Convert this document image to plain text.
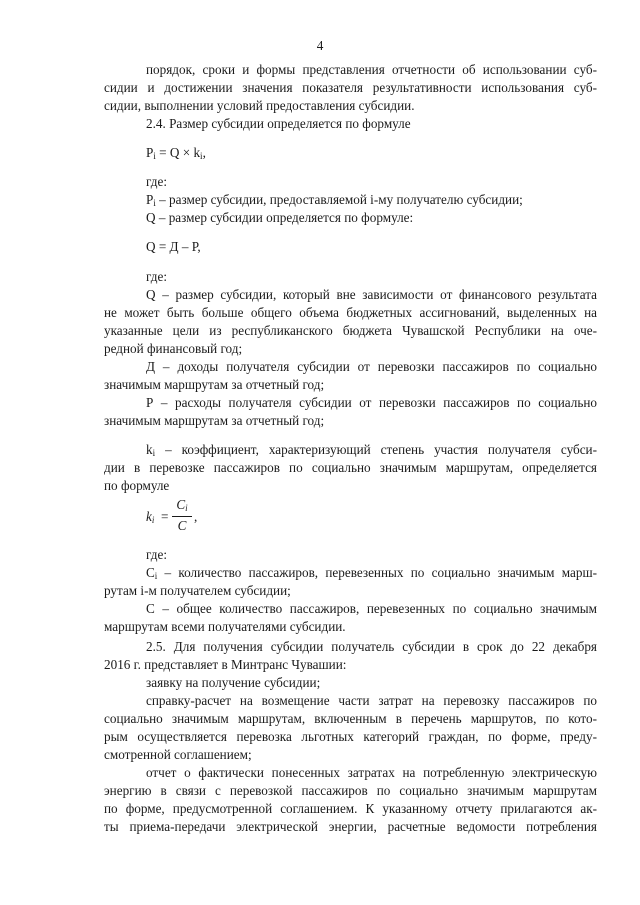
4
порядок, сроки и формы представления отчетности об использовании суб-
сидии и достижении значения показателя результативности использования суб-
сидии, выполнении условий предоставления субсидии.
2.4. Размер субсидии определяется по формуле
$P_i = Q \times k_i$,
где:
$P_i$ – размер субсидии, предоставляемой i-му получателю субсидии;
Q – размер субсидии определяется по формуле:
Q = Д – Р,
где:
Q – размер субсидии, который вне зависимости от финансового результата
не может быть больше общего объема бюджетных ассигнований, выделенных на
указанные цели из республиканского бюджета Чувашской Республики на оче-
редной финансовый год;
Д – доходы получателя субсидии от перевозки пассажиров по социально
значимым маршрутам за отчетный год;
Р – расходы получателя субсидии от перевозки пассажиров по социально
значимым маршрутам за отчетный год;
$k_i$ – коэффициент, характеризующий степень участия получателя субси-
дии в перевозке пассажиров по социально значимым маршрутам, определяется
по формуле
$k_i$ =
$C_i$
C
,
где:
$C_i$ – количество пассажиров, перевезенных по социально значимым марш-
рутам i-м получателем субсидии;
С – общее количество пассажиров, перевезенных по социально значимым
маршрутам всеми получателями субсидии.
2.5. Для получения субсидии получатель субсидии в срок до 22 декабря
2016 г. представляет в Минтранс Чувашии:
заявку на получение субсидии;
справку-расчет на возмещение части затрат на перевозку пассажиров по
социально значимым маршрутам, включенным в перечень маршрутов, по кото-
рым осуществляется перевозка льготных категорий граждан, по форме, преду-
смотренной соглашением;
отчет о фактически понесенных затратах на потребленную электрическую
энергию в связи с перевозкой пассажиров по социально значимым маршрутам
по форме, предусмотренной соглашением. К указанному отчету прилагаются ак-
ты приема-передачи электрической энергии, расчетные ведомости потребления
